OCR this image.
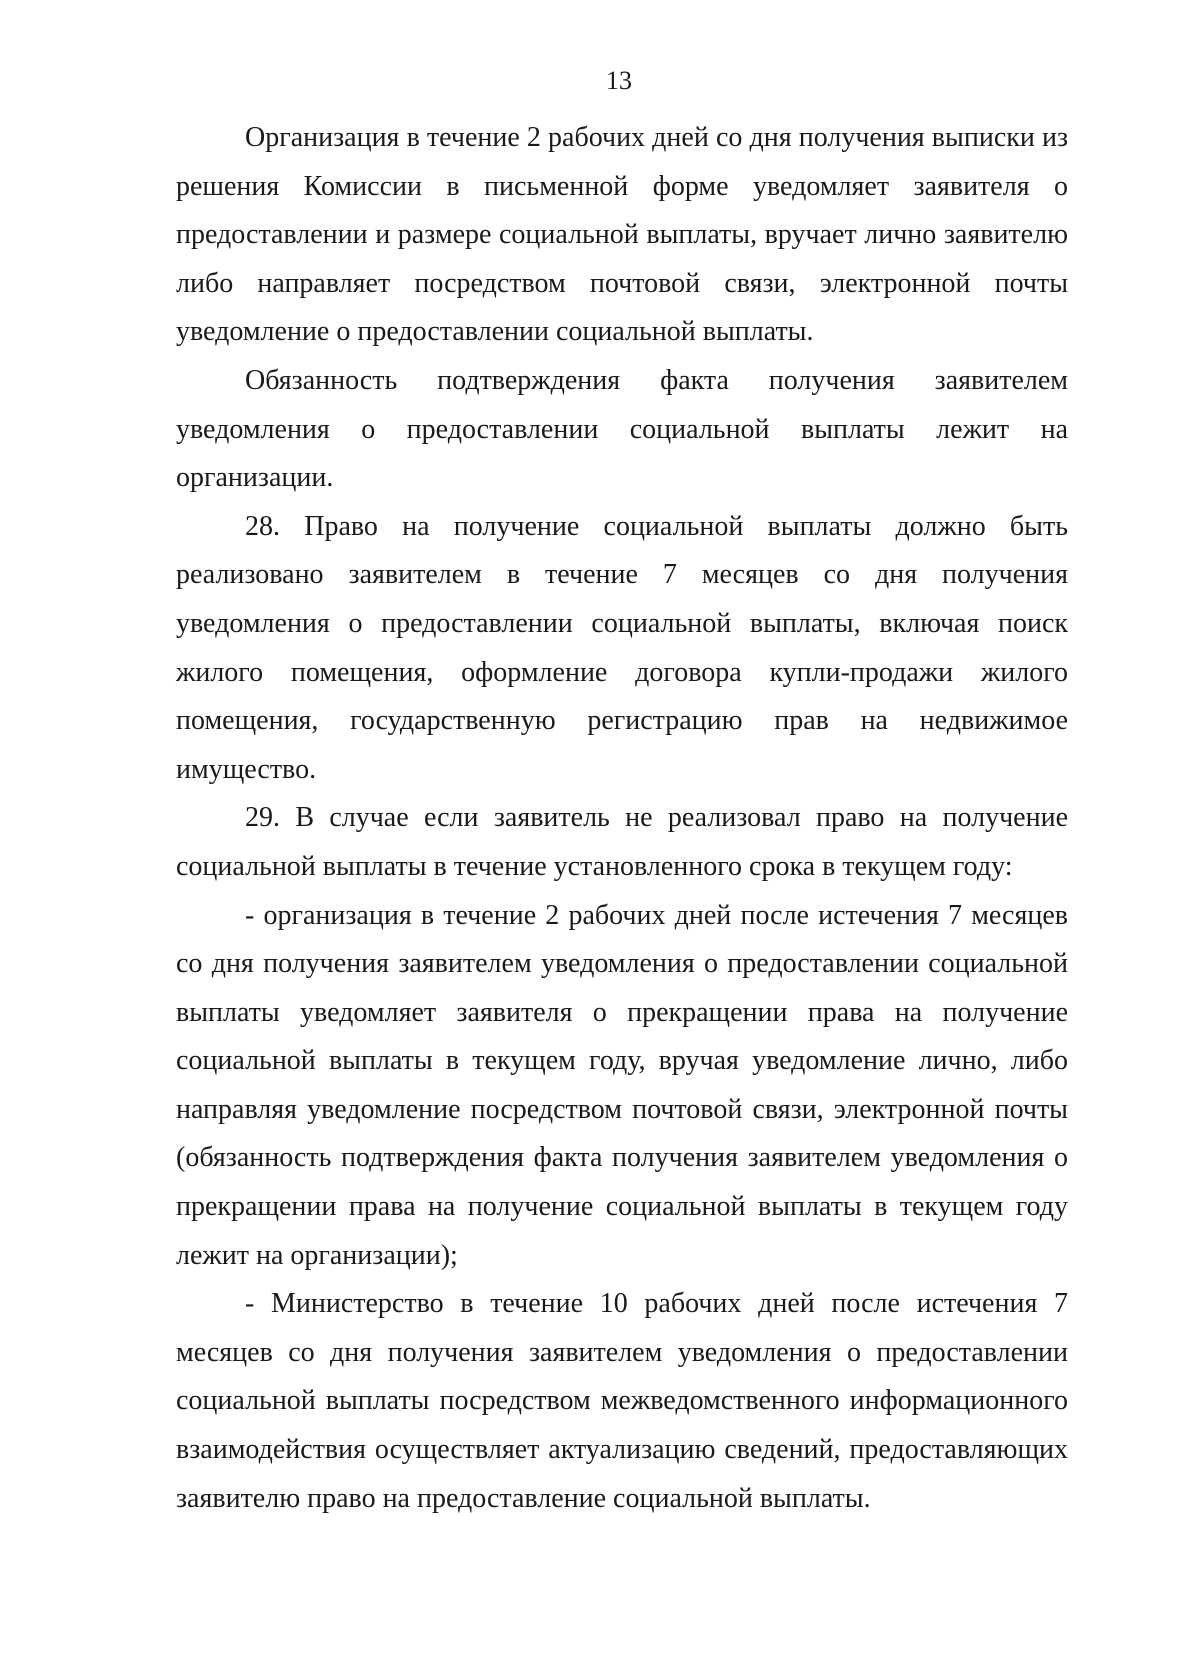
13

Организация в течение 2 рабочих дней со дня получения выписки из решения Комиссии в письменной форме уведомляет заявителя о предоставлении и размере социальной выплаты, вручает лично заявителю либо направляет посредством почтовой связи, электронной почты уведомление о предоставлении социальной выплаты.

Обязанность подтверждения факта получения заявителем уведомления о предоставлении социальной выплаты лежит на организации.

28. Право на получение социальной выплаты должно быть реализовано заявителем в течение 7 месяцев со дня получения уведомления о предоставлении социальной выплаты, включая поиск жилого помещения, оформление договора купли-продажи жилого помещения, государственную регистрацию прав на недвижимое имущество.

29. В случае если заявитель не реализовал право на получение социальной выплаты в течение установленного срока в текущем году:

- организация в течение 2 рабочих дней после истечения 7 месяцев со дня получения заявителем уведомления о предоставлении социальной выплаты уведомляет заявителя о прекращении права на получение социальной выплаты в текущем году, вручая уведомление лично, либо направляя уведомление посредством почтовой связи, электронной почты (обязанность подтверждения факта получения заявителем уведомления о прекращении права на получение социальной выплаты в текущем году лежит на организации);

- Министерство в течение 10 рабочих дней после истечения 7 месяцев со дня получения заявителем уведомления о предоставлении социальной выплаты посредством межведомственного информационного взаимодействия осуществляет актуализацию сведений, предоставляющих заявителю право на предоставление социальной выплаты.
